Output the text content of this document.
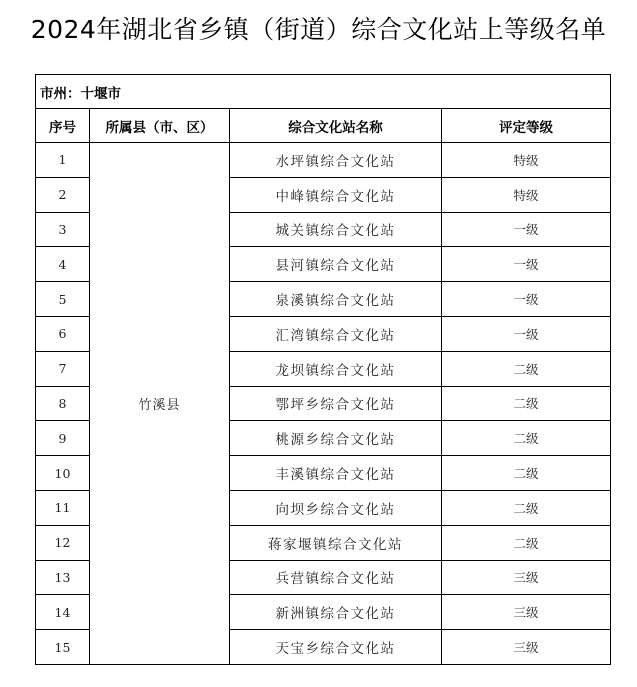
2024年湖北省乡镇（街道）综合文化站上等级名单
市州：十堰市			
序号	所属县（市、区）	综合文化站名称	评定等级
1	竹溪县	水坪镇综合文化站	特级
2		中峰镇综合文化站	特级
3		城关镇综合文化站	一级
4		县河镇综合文化站	一级
5		泉溪镇综合文化站	一级
6		汇湾镇综合文化站	一级
7		龙坝镇综合文化站	二级
8		鄂坪乡综合文化站	二级
9		桃源乡综合文化站	二级
10		丰溪镇综合文化站	二级
11		向坝乡综合文化站	二级
12		蒋家堰镇综合文化站	二级
13		兵营镇综合文化站	三级
14		新洲镇综合文化站	三级
15		天宝乡综合文化站	三级
